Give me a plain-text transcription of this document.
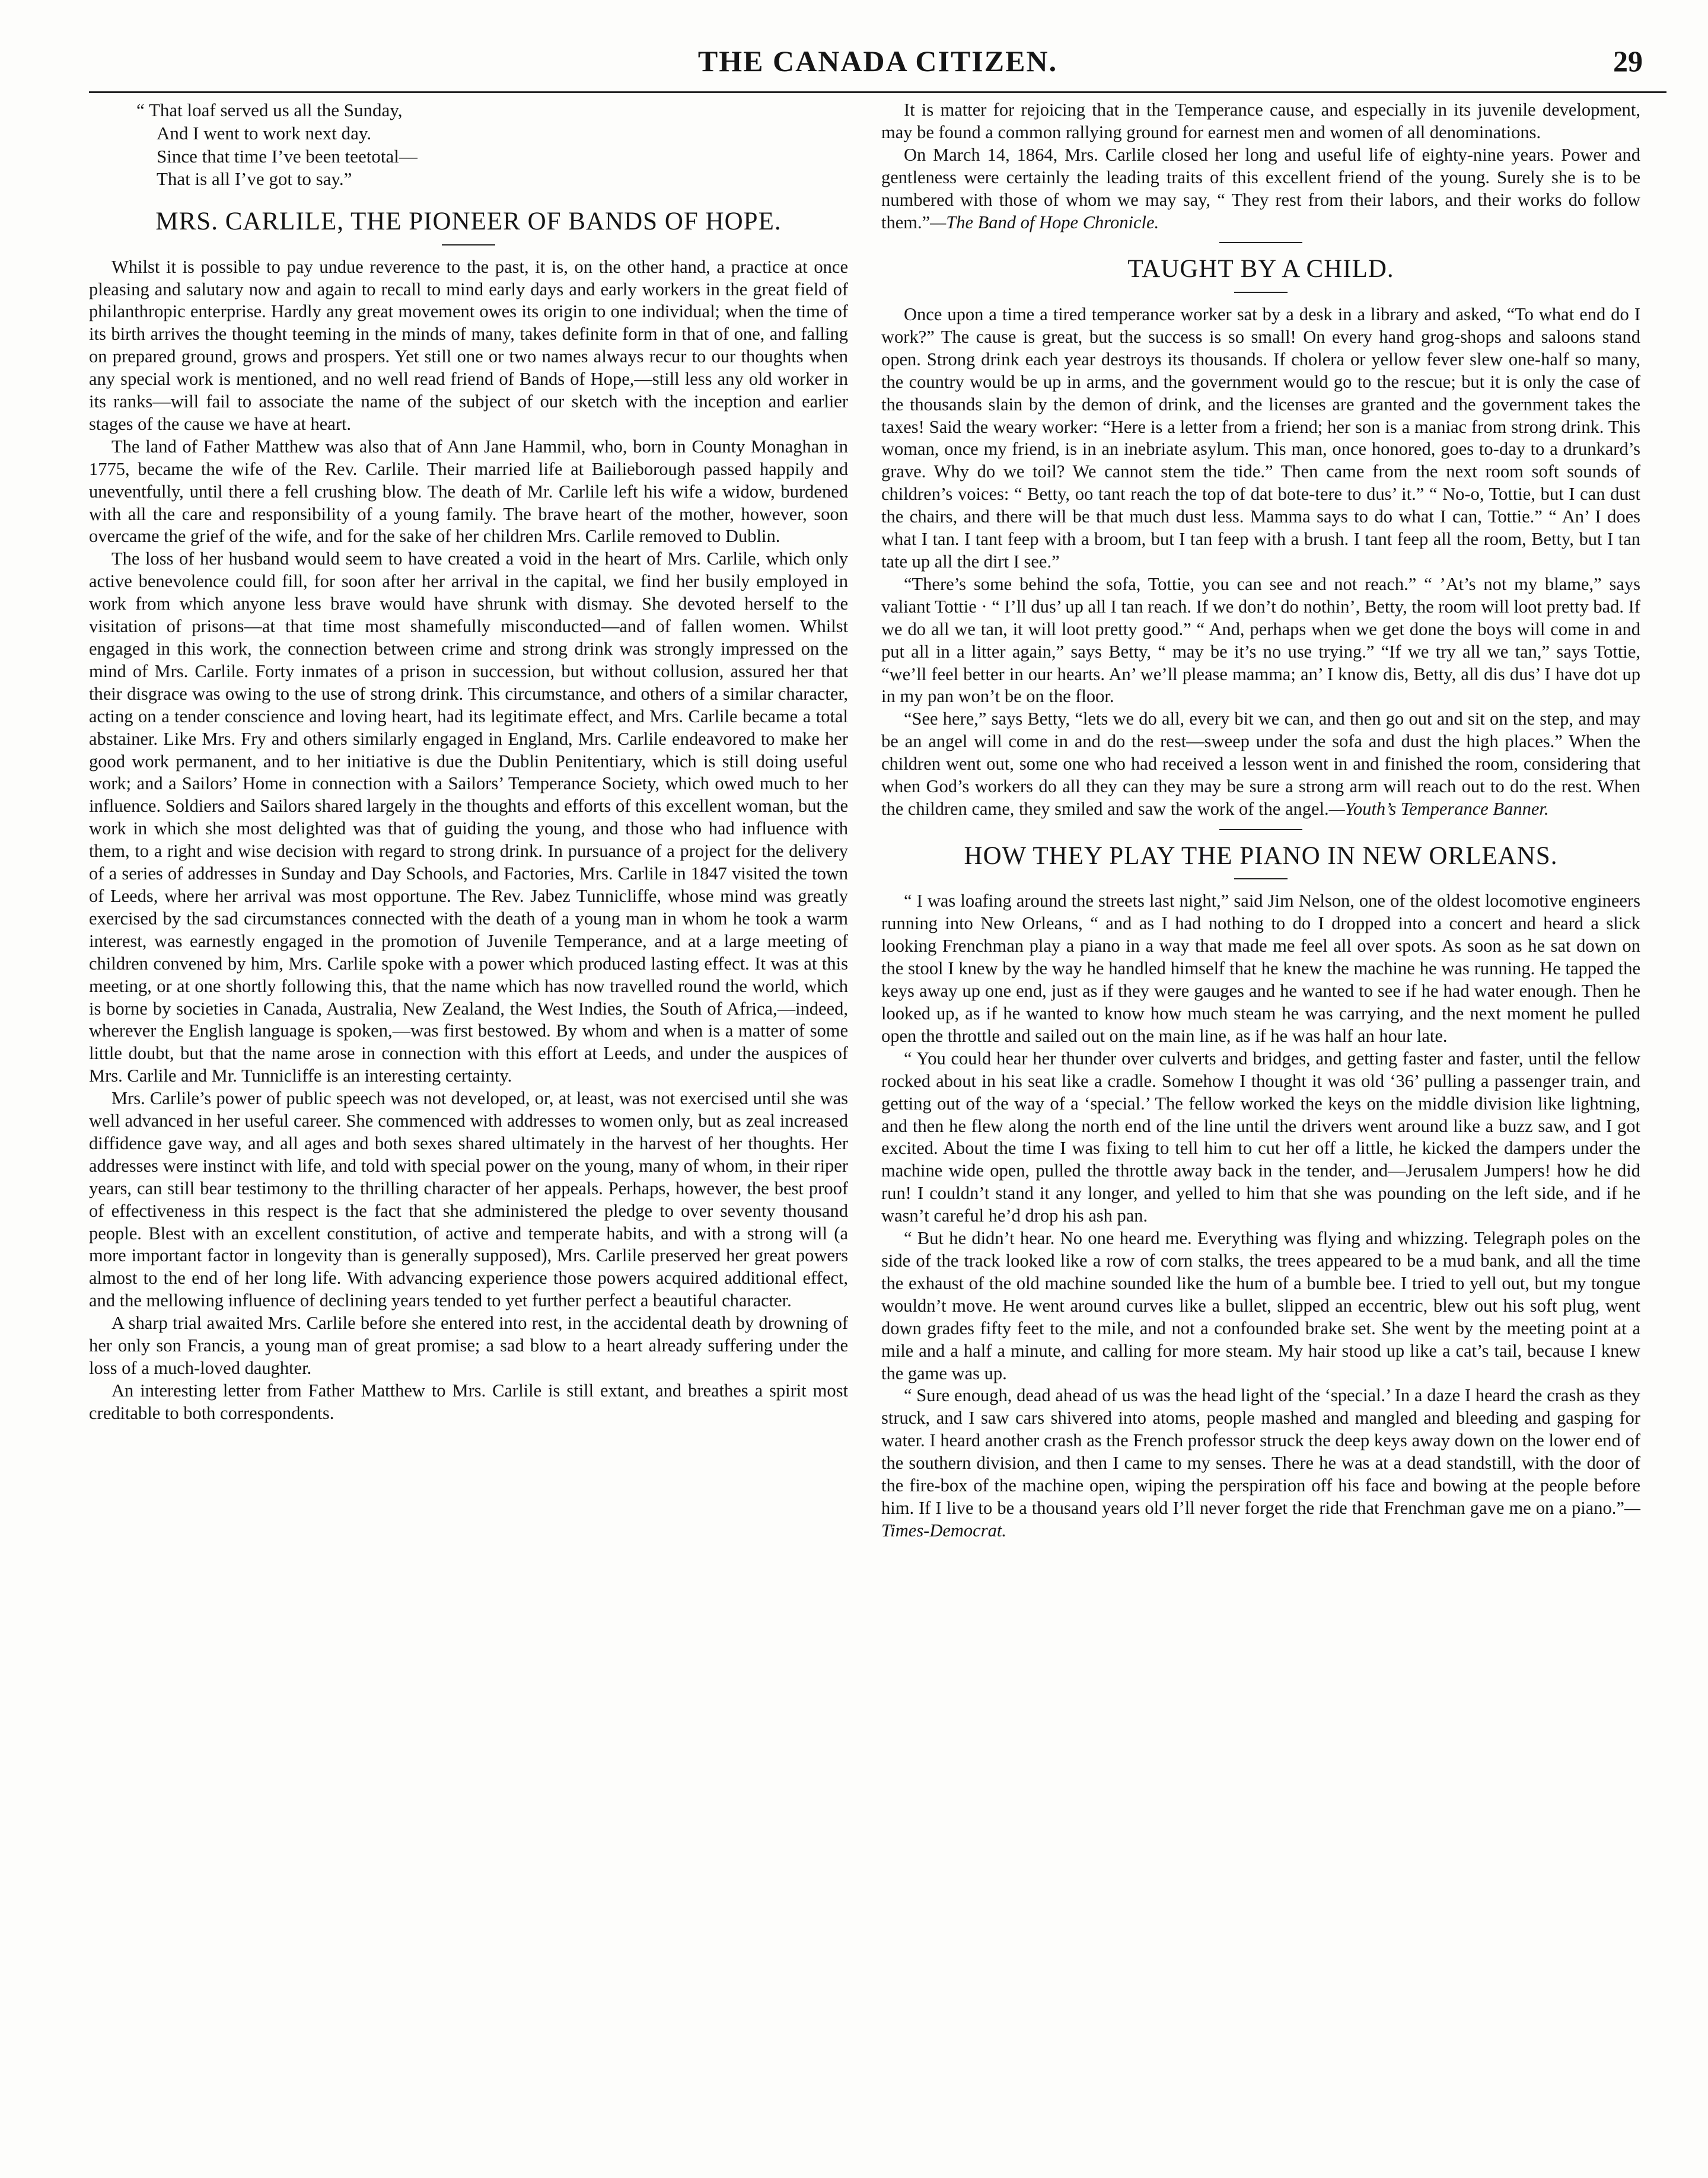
THE CANADA CITIZEN.	29
“ That loaf served us all the Sunday,
And I went to work next day.
Since that time I’ve been teetotal—
That is all I’ve got to say.”
MRS. CARLILE, THE PIONEER OF BANDS OF HOPE.

Whilst it is possible to pay undue reverence to the past, it is, on the other hand, a practice at once pleasing and salutary now and again to recall to mind early days and early workers in the great field of philanthropic enterprise. Hardly any great movement owes its origin to one individual; when the time of its birth arrives the thought teeming in the minds of many, takes definite form in that of one, and falling on prepared ground, grows and prospers. Yet still one or two names always recur to our thoughts when any special work is mentioned, and no well read friend of Bands of Hope,—still less any old worker in its ranks—will fail to associate the name of the subject of our sketch with the inception and earlier stages of the cause we have at heart.

The land of Father Matthew was also that of Ann Jane Hammil, who, born in County Monaghan in 1775, became the wife of the Rev. Carlile. Their married life at Bailieborough passed happily and uneventfully, until there a fell crushing blow. The death of Mr. Carlile left his wife a widow, burdened with all the care and responsibility of a young family. The brave heart of the mother, however, soon overcame the grief of the wife, and for the sake of her children Mrs. Carlile removed to Dublin.

The loss of her husband would seem to have created a void in the heart of Mrs. Carlile, which only active benevolence could fill, for soon after her arrival in the capital, we find her busily employed in work from which anyone less brave would have shrunk with dismay. She devoted herself to the visitation of prisons—at that time most shamefully misconducted—and of fallen women. Whilst engaged in this work, the connection between crime and strong drink was strongly impressed on the mind of Mrs. Carlile. Forty inmates of a prison in succession, but without collusion, assured her that their disgrace was owing to the use of strong drink. This circumstance, and others of a similar character, acting on a tender conscience and loving heart, had its legitimate effect, and Mrs. Carlile became a total abstainer. Like Mrs. Fry and others similarly engaged in England, Mrs. Carlile endeavored to make her good work permanent, and to her initiative is due the Dublin Penitentiary, which is still doing useful work; and a Sailors’ Home in connection with a Sailors’ Temperance Society, which owed much to her influence. Soldiers and Sailors shared largely in the thoughts and efforts of this excellent woman, but the work in which she most delighted was that of guiding the young, and those who had influence with them, to a right and wise decision with regard to strong drink. In pursuance of a project for the delivery of a series of addresses in Sunday and Day Schools, and Factories, Mrs. Carlile in 1847 visited the town of Leeds, where her arrival was most opportune. The Rev. Jabez Tunnicliffe, whose mind was greatly exercised by the sad circumstances connected with the death of a young man in whom he took a warm interest, was earnestly engaged in the promotion of Juvenile Temperance, and at a large meeting of children convened by him, Mrs. Carlile spoke with a power which produced lasting effect. It was at this meeting, or at one shortly following this, that the name which has now travelled round the world, which is borne by societies in Canada, Australia, New Zealand, the West Indies, the South of Africa,—indeed, wherever the English language is spoken,—was first bestowed. By whom and when is a matter of some little doubt, but that the name arose in connection with this effort at Leeds, and under the auspices of Mrs. Carlile and Mr. Tunnicliffe is an interesting certainty.

Mrs. Carlile’s power of public speech was not developed, or, at least, was not exercised until she was well advanced in her useful career. She commenced with addresses to women only, but as zeal increased diffidence gave way, and all ages and both sexes shared ultimately in the harvest of her thoughts. Her addresses were instinct with life, and told with special power on the young, many of whom, in their riper years, can still bear testimony to the thrilling character of her appeals. Perhaps, however, the best proof of effectiveness in this respect is the fact that she administered the pledge to over seventy thousand people. Blest with an excellent constitution, of active and temperate habits, and with a strong will (a more important factor in longevity than is generally supposed), Mrs. Carlile preserved her great powers almost to the end of her long life. With advancing experience those powers acquired additional effect, and the mellowing influence of declining years tended to yet further perfect a beautiful character.

A sharp trial awaited Mrs. Carlile before she entered into rest, in the accidental death by drowning of her only son Francis, a young man of great promise; a sad blow to a heart already suffering under the loss of a much-loved daughter.

An interesting letter from Father Matthew to Mrs. Carlile is still extant, and breathes a spirit most creditable to both correspondents.

It is matter for rejoicing that in the Temperance cause, and especially in its juvenile development, may be found a common rallying ground for earnest men and women of all denominations.

On March 14, 1864, Mrs. Carlile closed her long and useful life of eighty-nine years. Power and gentleness were certainly the leading traits of this excellent friend of the young. Surely she is to be numbered with those of whom we may say, “ They rest from their labors, and their works do follow them.”—The Band of Hope Chronicle.

TAUGHT BY A CHILD.

Once upon a time a tired temperance worker sat by a desk in a library and asked, “To what end do I work?” The cause is great, but the success is so small! On every hand grog-shops and saloons stand open. Strong drink each year destroys its thousands. If cholera or yellow fever slew one-half so many, the country would be up in arms, and the government would go to the rescue; but it is only the case of the thousands slain by the demon of drink, and the licenses are granted and the government takes the taxes! Said the weary worker: “Here is a letter from a friend; her son is a maniac from strong drink. This woman, once my friend, is in an inebriate asylum. This man, once honored, goes to-day to a drunkard’s grave. Why do we toil? We cannot stem the tide.” Then came from the next room soft sounds of children’s voices: “ Betty, oo tant reach the top of dat bote-tere to dus’ it.” “ No-o, Tottie, but I can dust the chairs, and there will be that much dust less. Mamma says to do what I can, Tottie.” “ An’ I does what I tan. I tant feep with a broom, but I tan feep with a brush. I tant feep all the room, Betty, but I tan tate up all the dirt I see.”

“There’s some behind the sofa, Tottie, you can see and not reach.” “ ’At’s not my blame,” says valiant Tottie · “ I’ll dus’ up all I tan reach. If we don’t do nothin’, Betty, the room will loot pretty bad. If we do all we tan, it will loot pretty good.” “ And, perhaps when we get done the boys will come in and put all in a litter again,” says Betty, “ may be it’s no use trying.” “If we try all we tan,” says Tottie, “we’ll feel better in our hearts. An’ we’ll please mamma; an’ I know dis, Betty, all dis dus’ I have dot up in my pan won’t be on the floor.

“See here,” says Betty, “lets we do all, every bit we can, and then go out and sit on the step, and may be an angel will come in and do the rest—sweep under the sofa and dust the high places.” When the children went out, some one who had received a lesson went in and finished the room, considering that when God’s workers do all they can they may be sure a strong arm will reach out to do the rest. When the children came, they smiled and saw the work of the angel.—Youth’s Temperance Banner.

HOW THEY PLAY THE PIANO IN NEW ORLEANS.

“ I was loafing around the streets last night,” said Jim Nelson, one of the oldest locomotive engineers running into New Orleans, “ and as I had nothing to do I dropped into a concert and heard a slick looking Frenchman play a piano in a way that made me feel all over spots. As soon as he sat down on the stool I knew by the way he handled himself that he knew the machine he was running. He tapped the keys away up one end, just as if they were gauges and he wanted to see if he had water enough. Then he looked up, as if he wanted to know how much steam he was carrying, and the next moment he pulled open the throttle and sailed out on the main line, as if he was half an hour late.

“ You could hear her thunder over culverts and bridges, and getting faster and faster, until the fellow rocked about in his seat like a cradle. Somehow I thought it was old ‘36’ pulling a passenger train, and getting out of the way of a ‘special.’ The fellow worked the keys on the middle division like lightning, and then he flew along the north end of the line until the drivers went around like a buzz saw, and I got excited. About the time I was fixing to tell him to cut her off a little, he kicked the dampers under the machine wide open, pulled the throttle away back in the tender, and—Jerusalem Jumpers! how he did run! I couldn’t stand it any longer, and yelled to him that she was pounding on the left side, and if he wasn’t careful he’d drop his ash pan.

“ But he didn’t hear. No one heard me. Everything was flying and whizzing. Telegraph poles on the side of the track looked like a row of corn stalks, the trees appeared to be a mud bank, and all the time the exhaust of the old machine sounded like the hum of a bumble bee. I tried to yell out, but my tongue wouldn’t move. He went around curves like a bullet, slipped an eccentric, blew out his soft plug, went down grades fifty feet to the mile, and not a confounded brake set. She went by the meeting point at a mile and a half a minute, and calling for more steam. My hair stood up like a cat’s tail, because I knew the game was up.

“ Sure enough, dead ahead of us was the head light of the ‘special.’ In a daze I heard the crash as they struck, and I saw cars shivered into atoms, people mashed and mangled and bleeding and gasping for water. I heard another crash as the French professor struck the deep keys away down on the lower end of the southern division, and then I came to my senses. There he was at a dead standstill, with the door of the fire-box of the machine open, wiping the perspiration off his face and bowing at the people before him. If I live to be a thousand years old I’ll never forget the ride that Frenchman gave me on a piano.”—Times-Democrat.
